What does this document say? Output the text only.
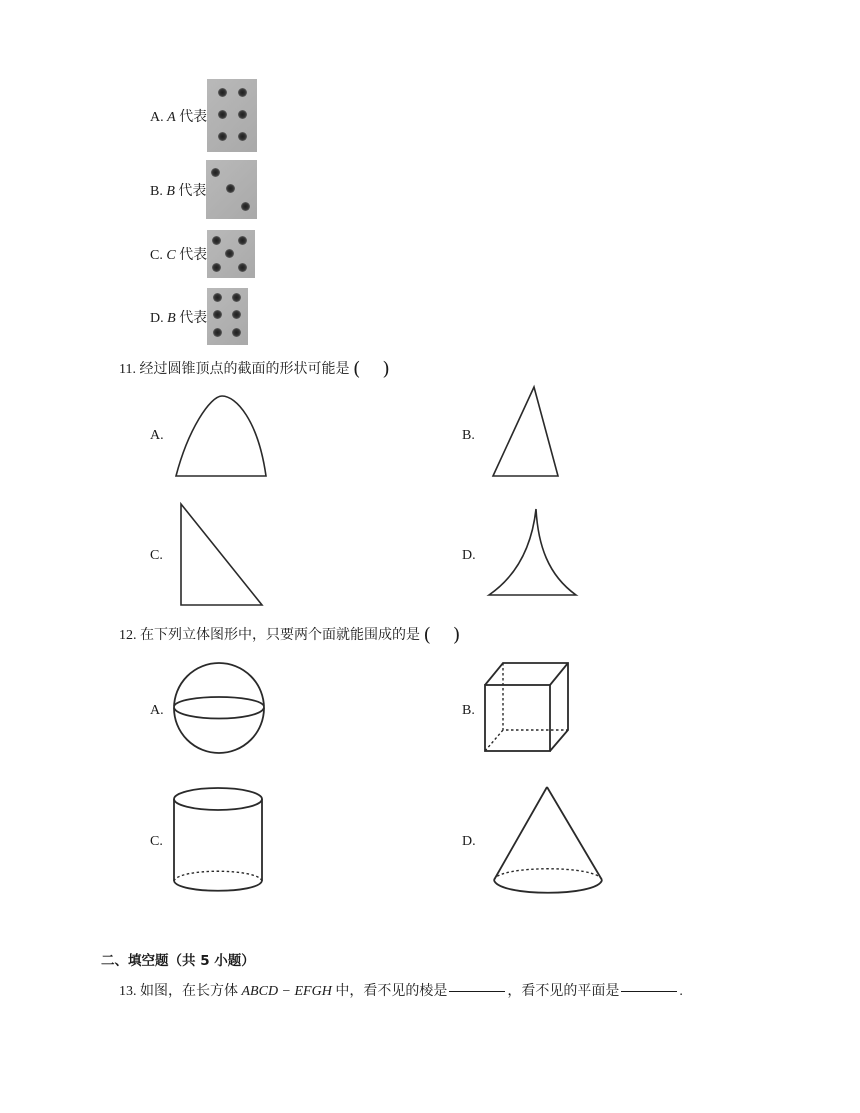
A. A 代表
B. B 代表
C. C 代表
D. B 代表
11. 经过圆锥顶点的截面的形状可能是 ( )
A.	B.
C.	D.
12. 在下列立体图形中，只要两个面就能围成的是 ( )
A.	B.
C.	D.
二、填空题（共 5 小题）
13. 如图，在长方体 ABCD − EFGH 中，看不见的棱是	，看不见的平面是	.
